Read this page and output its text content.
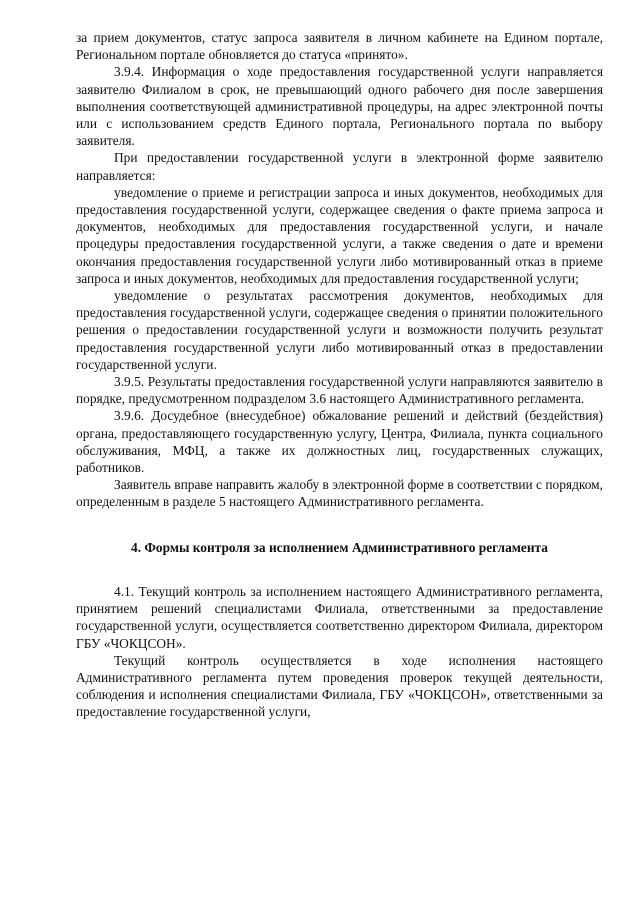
за прием документов, статус запроса заявителя в личном кабинете на Едином портале, Региональном портале обновляется до статуса «принято».

3.9.4. Информация о ходе предоставления государственной услуги направляется заявителю Филиалом в срок, не превышающий одного рабочего дня после завершения выполнения соответствующей административной процедуры, на адрес электронной почты или с использованием средств Единого портала, Регионального портала по выбору заявителя.

При предоставлении государственной услуги в электронной форме заявителю направляется:

уведомление о приеме и регистрации запроса и иных документов, необходимых для предоставления государственной услуги, содержащее сведения о факте приема запроса и документов, необходимых для предоставления государственной услуги, и начале процедуры предоставления государственной услуги, а также сведения о дате и времени окончания предоставления государственной услуги либо мотивированный отказ в приеме запроса и иных документов, необходимых для предоставления государственной услуги;

уведомление о результатах рассмотрения документов, необходимых для предоставления государственной услуги, содержащее сведения о принятии положительного решения о предоставлении государственной услуги и возможности получить результат предоставления государственной услуги либо мотивированный отказ в предоставлении государственной услуги.

3.9.5. Результаты предоставления государственной услуги направляются заявителю в порядке, предусмотренном подразделом 3.6 настоящего Административного регламента.

3.9.6. Досудебное (внесудебное) обжалование решений и действий (бездействия) органа, предоставляющего государственную услугу, Центра, Филиала, пункта социального обслуживания, МФЦ, а также их должностных лиц, государственных служащих, работников.

Заявитель вправе направить жалобу в электронной форме в соответствии с порядком, определенным в разделе 5 настоящего Административного регламента.

4. Формы контроля за исполнением Административного регламента

4.1. Текущий контроль за исполнением настоящего Административного регламента, принятием решений специалистами Филиала, ответственными за предоставление государственной услуги, осуществляется соответственно директором Филиала, директором ГБУ «ЧОКЦСОН».

Текущий контроль осуществляется в ходе исполнения настоящего Административного регламента путем проведения проверок текущей деятельности, соблюдения и исполнения специалистами Филиала, ГБУ «ЧОКЦСОН», ответственными за предоставление государственной услуги,
